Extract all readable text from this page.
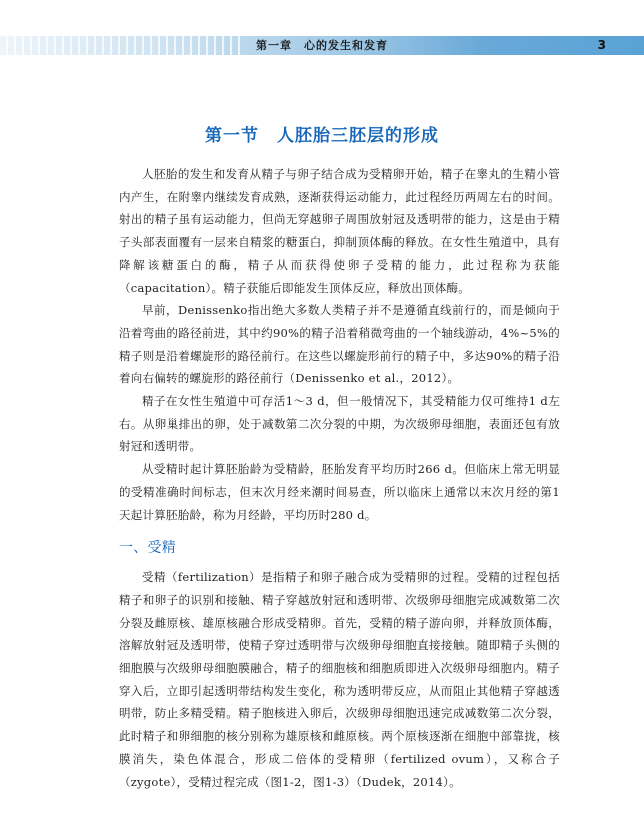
第一章　心的发生和发育	3
第一节　人胚胎三胚层的形成

人胚胎的发生和发育从精子与卵子结合成为受精卵开始，精子在睾丸的生精小管内产生，在附睾内继续发育成熟，逐渐获得运动能力，此过程经历两周左右的时间。射出的精子虽有运动能力，但尚无穿越卵子周围放射冠及透明带的能力，这是由于精子头部表面覆有一层来自精浆的糖蛋白，抑制顶体酶的释放。在女性生殖道中，具有降解该糖蛋白的酶，精子从而获得使卵子受精的能力，此过程称为获能（capacitation）。精子获能后即能发生顶体反应，释放出顶体酶。

早前，Denissenko指出绝大多数人类精子并不是遵循直线前行的，而是倾向于沿着弯曲的路径前进，其中约90%的精子沿着稍微弯曲的一个轴线游动，4%~5%的精子则是沿着螺旋形的路径前行。在这些以螺旋形前行的精子中，多达90%的精子沿着向右偏转的螺旋形的路径前行（Denissenko et al.，2012）。

精子在女性生殖道中可存活1～3 d，但一般情况下，其受精能力仅可维持1 d左右。从卵巢排出的卵，处于减数第二次分裂的中期，为次级卵母细胞，表面还包有放射冠和透明带。

从受精时起计算胚胎龄为受精龄，胚胎发育平均历时266 d。但临床上常无明显的受精准确时间标志，但末次月经来潮时间易查，所以临床上通常以末次月经的第1天起计算胚胎龄，称为月经龄，平均历时280 d。

一、受精

受精（fertilization）是指精子和卵子融合成为受精卵的过程。受精的过程包括精子和卵子的识别和接触、精子穿越放射冠和透明带、次级卵母细胞完成减数第二次分裂及雌原核、雄原核融合形成受精卵。首先，受精的精子游向卵，并释放顶体酶，溶解放射冠及透明带，使精子穿过透明带与次级卵母细胞直接接触。随即精子头侧的细胞膜与次级卵母细胞膜融合，精子的细胞核和细胞质即进入次级卵母细胞内。精子穿入后，立即引起透明带结构发生变化，称为透明带反应，从而阻止其他精子穿越透明带，防止多精受精。精子胞核进入卵后，次级卵母细胞迅速完成减数第二次分裂，此时精子和卵细胞的核分别称为雄原核和雌原核。两个原核逐渐在细胞中部靠拢，核膜消失，染色体混合，形成二倍体的受精卵（fertilized ovum），又称合子（zygote），受精过程完成（图1-2，图1-3）（Dudek，2014）。
